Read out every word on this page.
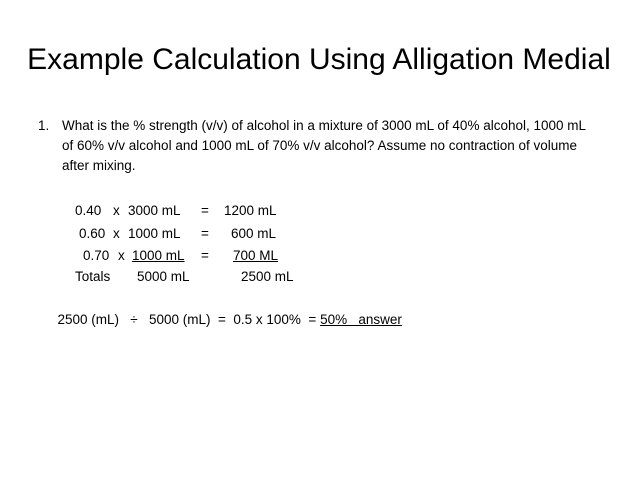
Example Calculation Using Alligation Medial
1. What is the % strength (v/v) of alcohol in a mixture of 3000 mL of 40% alcohol, 1000 mL of 60% v/v alcohol and 1000 mL of 70% v/v alcohol? Assume no contraction of volume after mixing.
0.40 x 3000 mL = 1200 mL
0.60 x 1000 mL = 600 mL
0.70 x 1000 mL = 700 ML
Totals 5000 mL	2500 mL

2500 (mL)   ÷   5000 (mL)  =  0.5 x 100%  = 50%   answer
